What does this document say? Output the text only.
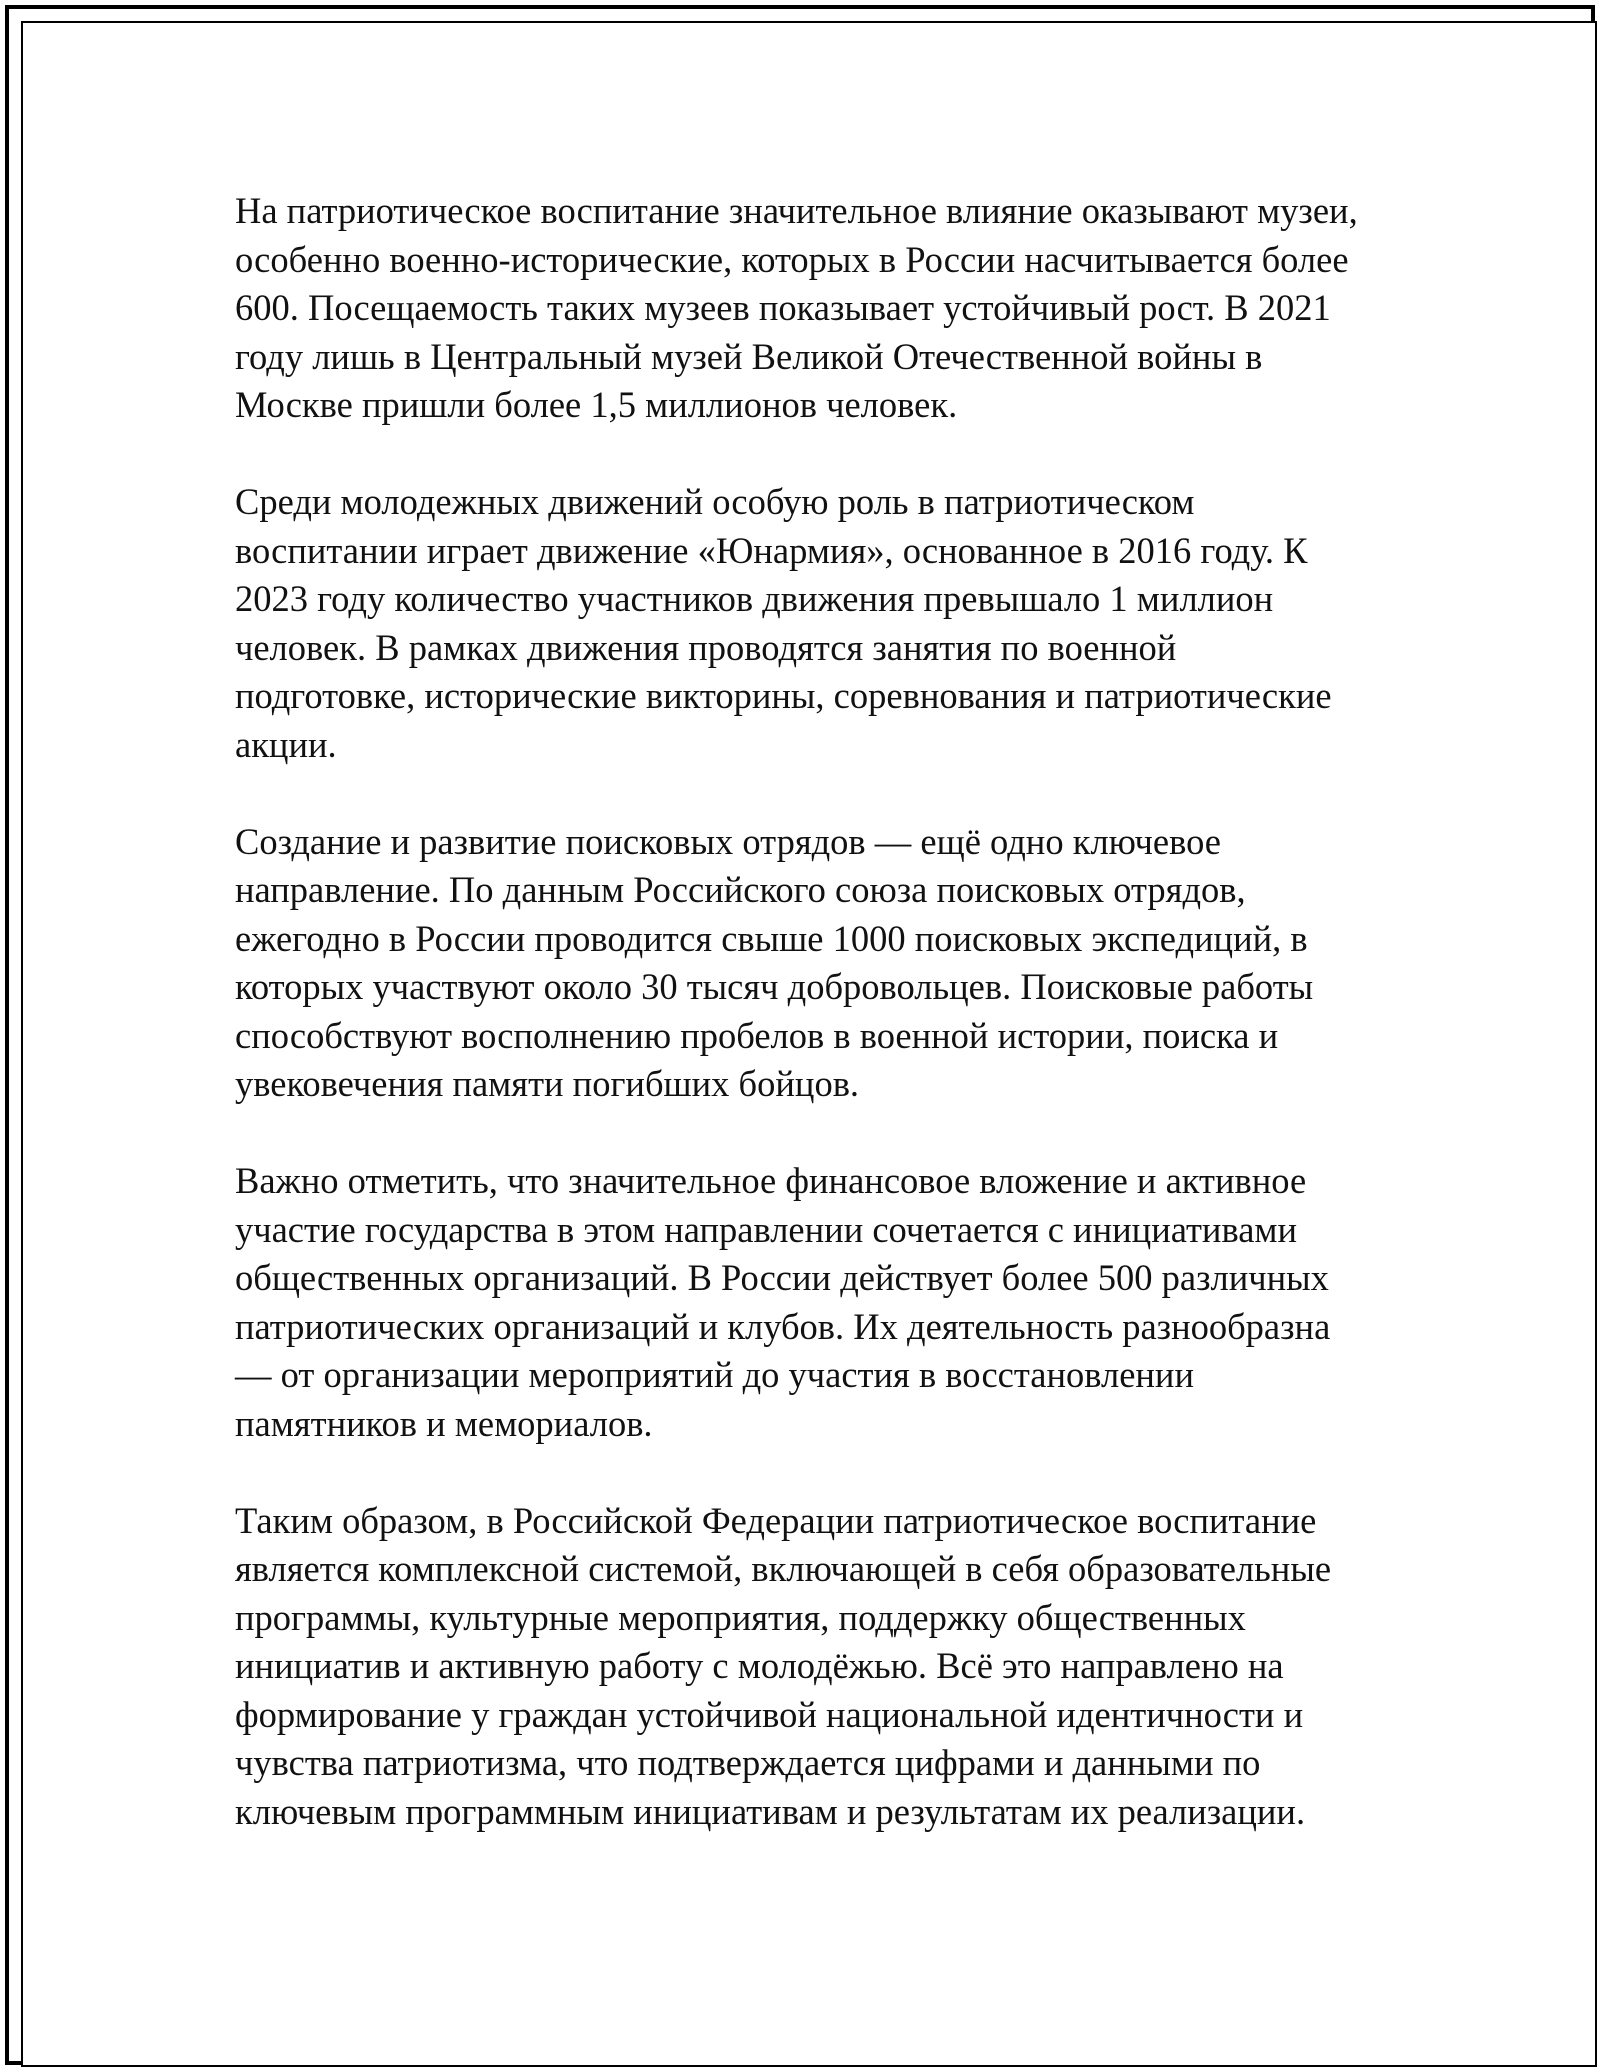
На патриотическое воспитание значительное влияние оказывают музеи,
особенно военно-исторические, которых в России насчитывается более
600. Посещаемость таких музеев показывает устойчивый рост. В 2021
году лишь в Центральный музей Великой Отечественной войны в
Москве пришли более 1,5 миллионов человек.

Среди молодежных движений особую роль в патриотическом
воспитании играет движение «Юнармия», основанное в 2016 году. К
2023 году количество участников движения превышало 1 миллион
человек. В рамках движения проводятся занятия по военной
подготовке, исторические викторины, соревнования и патриотические
акции.

Создание и развитие поисковых отрядов — ещё одно ключевое
направление. По данным Российского союза поисковых отрядов,
ежегодно в России проводится свыше 1000 поисковых экспедиций, в
которых участвуют около 30 тысяч добровольцев. Поисковые работы
способствуют восполнению пробелов в военной истории, поиска и
увековечения памяти погибших бойцов.

Важно отметить, что значительное финансовое вложение и активное
участие государства в этом направлении сочетается с инициативами
общественных организаций. В России действует более 500 различных
патриотических организаций и клубов. Их деятельность разнообразна
— от организации мероприятий до участия в восстановлении
памятников и мемориалов.

Таким образом, в Российской Федерации патриотическое воспитание
является комплексной системой, включающей в себя образовательные
программы, культурные мероприятия, поддержку общественных
инициатив и активную работу с молодёжью. Всё это направлено на
формирование у граждан устойчивой национальной идентичности и
чувства патриотизма, что подтверждается цифрами и данными по
ключевым программным инициативам и результатам их реализации.
